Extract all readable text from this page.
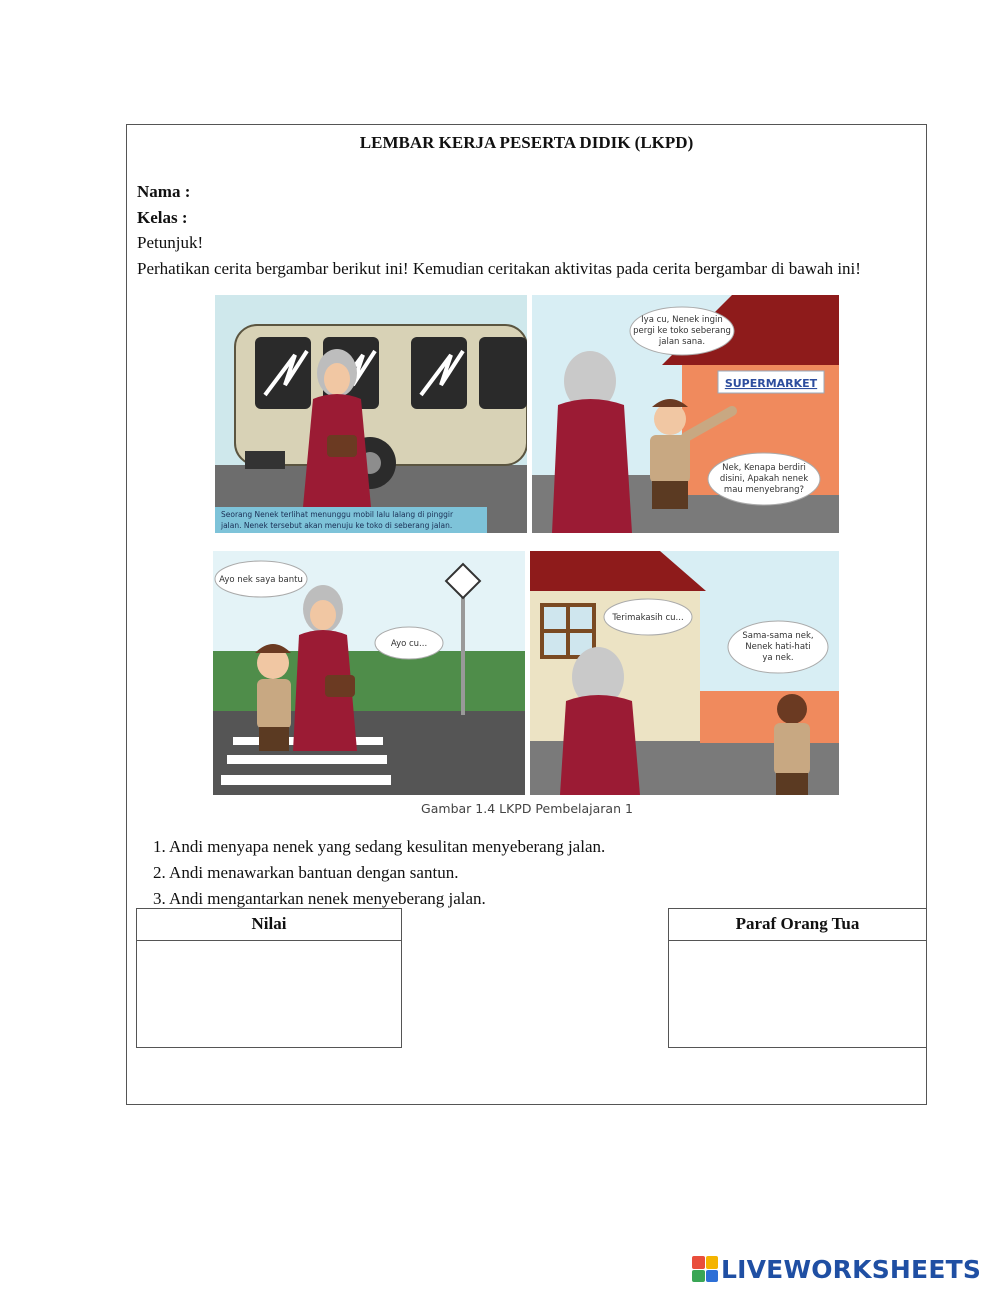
LEMBAR KERJA PESERTA DIDIK (LKPD)
Nama :
Kelas :
Petunjuk!
Perhatikan cerita bergambar berikut ini! Kemudian ceritakan aktivitas pada cerita bergambar di bawah ini!
Seorang Nenek terlihat menunggu mobil lalu lalang di pinggir
jalan. Nenek tersebut akan menuju ke toko di seberang jalan.
SUPERMARKET
Iya cu, Nenek ingin
pergi ke toko seberang
jalan sana.
Nek, Kenapa berdiri
disini, Apakah nenek
mau menyebrang?
Ayo nek saya bantu
Ayo cu...
Terimakasih cu...
Sama-sama nek,
Nenek hati-hati
ya nek.
Gambar 1.4 LKPD Pembelajaran 1
1. Andi menyapa nenek yang sedang kesulitan menyeberang jalan.
2. Andi menawarkan bantuan dengan santun.
3. Andi mengantarkan nenek menyeberang jalan.
Nilai	Paraf Orang Tua
LIVEWORKSHEETS
